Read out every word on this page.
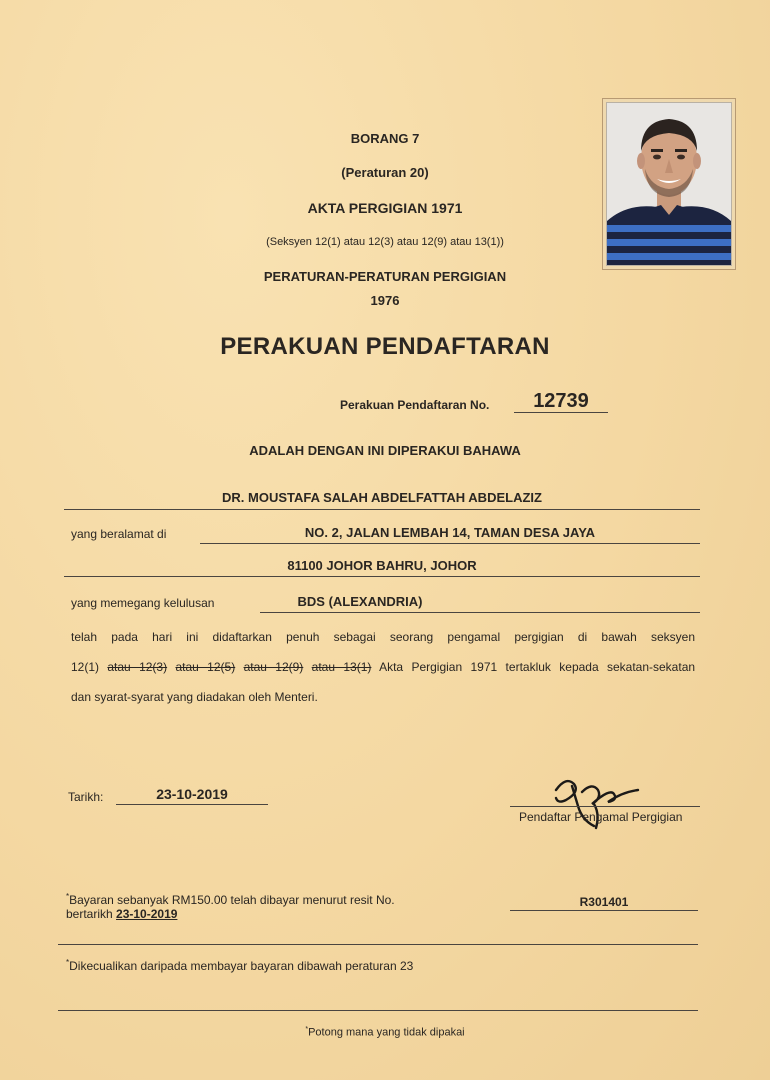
BORANG 7
(Peraturan 20)
AKTA PERGIGIAN 1971
(Seksyen 12(1) atau 12(3) atau 12(9) atau 13(1))
PERATURAN-PERATURAN PERGIGIAN
1976
PERAKUAN PENDAFTARAN
Perakuan Pendaftaran No.	12739
ADALAH DENGAN INI DIPERAKUI BAHAWA
DR. MOUSTAFA SALAH ABDELFATTAH ABDELAZIZ
yang beralamat di	NO. 2, JALAN LEMBAH 14, TAMAN DESA JAYA
81100 JOHOR BAHRU, JOHOR
yang memegang kelulusan	BDS (ALEXANDRIA)
telah pada hari ini didaftarkan penuh sebagai seorang pengamal pergigian di bawah seksyen
12(1) atau 12(3) atau 12(5) atau 12(9) atau 13(1) Akta Pergigian 1971 tertakluk kepada sekatan-sekatan
dan syarat-syarat yang diadakan oleh Menteri.
Tarikh:	23-10-2019
Pendaftar Pengamal Pergigian
*Bayaran sebanyak RM150.00 telah dibayar menurut resit No.
bertarikh 23-10-2019
R301401
*Dikecualikan daripada membayar bayaran dibawah peraturan 23
*Potong mana yang tidak dipakai
